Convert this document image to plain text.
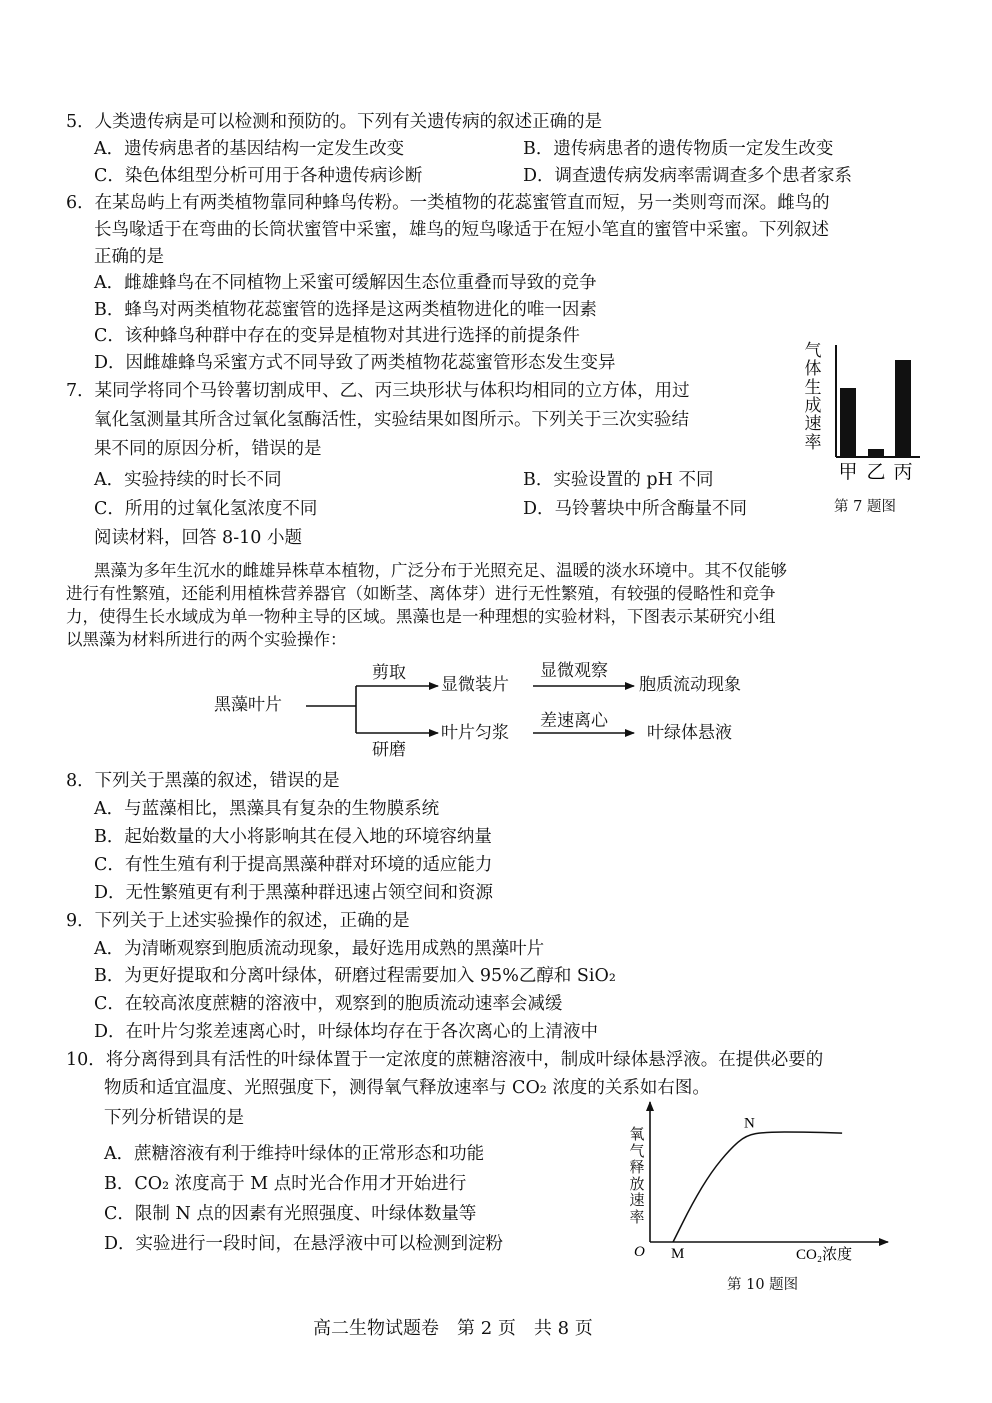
5．人类遗传病是可以检测和预防的。下列有关遗传病的叙述正确的是
A．遗传病患者的基因结构一定发生改变	B．遗传病患者的遗传物质一定发生改变
C．染色体组型分析可用于各种遗传病诊断	D．调查遗传病发病率需调查多个患者家系
6．在某岛屿上有两类植物靠同种蜂鸟传粉。一类植物的花蕊蜜管直而短，另一类则弯而深。雌鸟的
长鸟喙适于在弯曲的长筒状蜜管中采蜜，雄鸟的短鸟喙适于在短小笔直的蜜管中采蜜。下列叙述
正确的是
A．雌雄蜂鸟在不同植物上采蜜可缓解因生态位重叠而导致的竞争
B．蜂鸟对两类植物花蕊蜜管的选择是这两类植物进化的唯一因素
C．该种蜂鸟种群中存在的变异是植物对其进行选择的前提条件
D．因雌雄蜂鸟采蜜方式不同导致了两类植物花蕊蜜管形态发生变异
7．某同学将同个马铃薯切割成甲、乙、丙三块形状与体积均相同的立方体，用过
氧化氢测量其所含过氧化氢酶活性，实验结果如图所示。下列关于三次实验结
果不同的原因分析，错误的是
A．实验持续的时长不同	B．实验设置的 pH 不同
C．所用的过氧化氢浓度不同	D．马铃薯块中所含酶量不同
气
体
生
成
速
率
甲 乙 丙
第 7 题图
阅读材料，回答 8-10 小题
黑藻为多年生沉水的雌雄异株草本植物，广泛分布于光照充足、温暖的淡水环境中。其不仅能够
进行有性繁殖，还能利用植株营养器官（如断茎、离体芽）进行无性繁殖，有较强的侵略性和竞争
力，使得生长水域成为单一物种主导的区域。黑藻也是一种理想的实验材料，下图表示某研究小组
以黑藻为材料所进行的两个实验操作：
黑藻叶片
剪取
显微装片
显微观察
胞质流动现象
研磨
叶片匀浆
差速离心
叶绿体悬液
8．下列关于黑藻的叙述，错误的是
A．与蓝藻相比，黑藻具有复杂的生物膜系统
B．起始数量的大小将影响其在侵入地的环境容纳量
C．有性生殖有利于提高黑藻种群对环境的适应能力
D．无性繁殖更有利于黑藻种群迅速占领空间和资源
9．下列关于上述实验操作的叙述，正确的是
A．为清晰观察到胞质流动现象，最好选用成熟的黑藻叶片
B．为更好提取和分离叶绿体，研磨过程需要加入 95%乙醇和 SiO₂
C．在较高浓度蔗糖的溶液中，观察到的胞质流动速率会减缓
D．在叶片匀浆差速离心时，叶绿体均存在于各次离心的上清液中
10．将分离得到具有活性的叶绿体置于一定浓度的蔗糖溶液中，制成叶绿体悬浮液。在提供必要的
物质和适宜温度、光照强度下，测得氧气释放速率与 CO₂ 浓度的关系如右图。
下列分析错误的是
A．蔗糖溶液有利于维持叶绿体的正常形态和功能
B．CO₂ 浓度高于 M 点时光合作用才开始进行
C．限制 N 点的因素有光照强度、叶绿体数量等
D．实验进行一段时间，在悬浮液中可以检测到淀粉
氧
气
释
放
速
率
O M
N
CO₂浓度
第 10 题图
高二生物试题卷　第 2 页　共 8 页
